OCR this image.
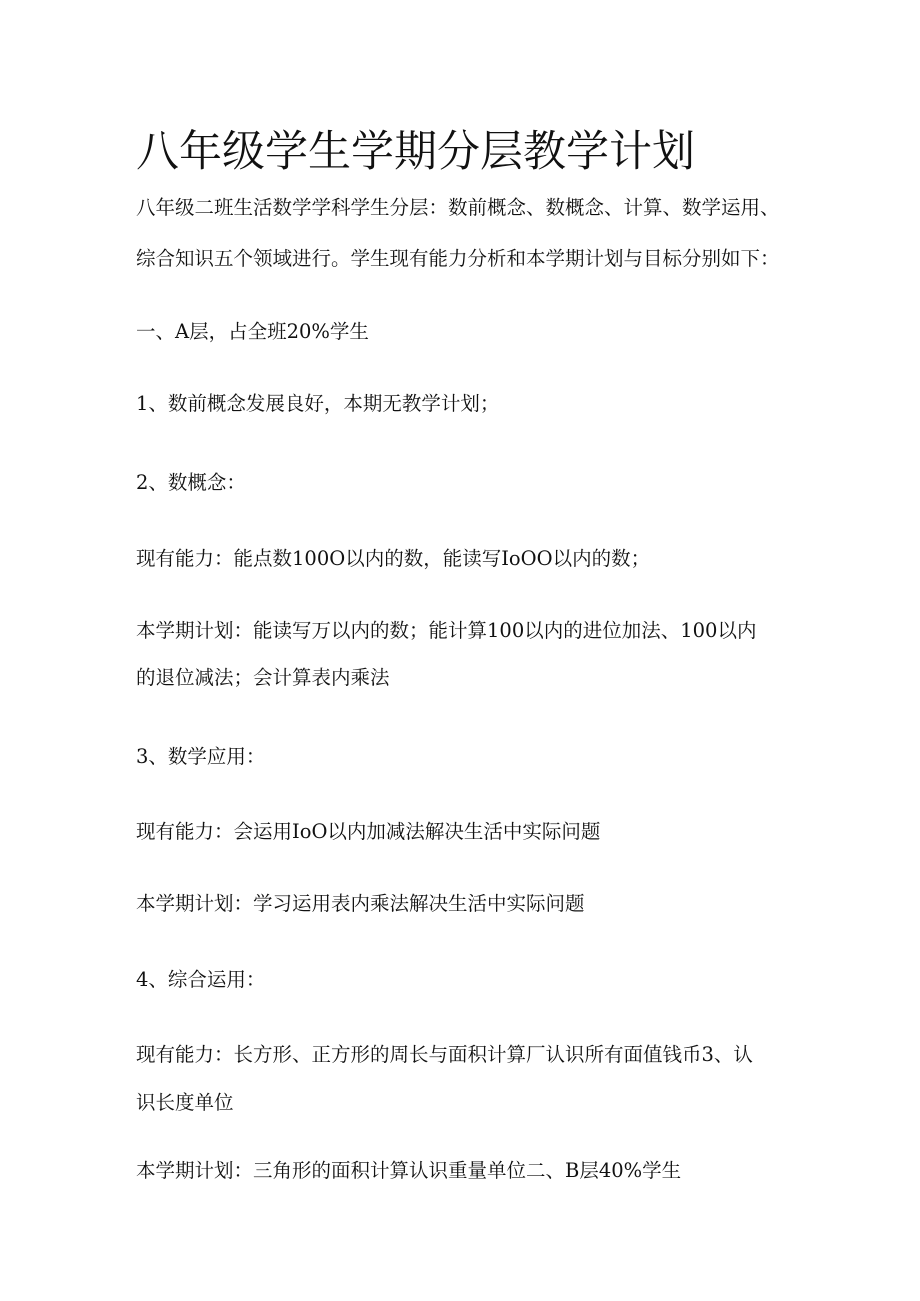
八年级学生学期分层教学计划

八年级二班生活数学学科学生分层：数前概念、数概念、计算、数学运用、

综合知识五个领域进行。学生现有能力分析和本学期计划与目标分别如下：

一、A层，占全班20%学生

1、数前概念发展良好，本期无教学计划；

2、数概念：

现有能力：能点数100O以内的数，能读写IoOO以内的数；

本学期计划：能读写万以内的数；能计算100以内的进位加法、100以内

的退位减法；会计算表内乘法

3、数学应用：

现有能力：会运用IoO以内加减法解决生活中实际问题

本学期计划：学习运用表内乘法解决生活中实际问题

4、综合运用：

现有能力：长方形、正方形的周长与面积计算厂认识所有面值钱币3、认

识长度单位

本学期计划：三角形的面积计算认识重量单位二、B层40%学生
